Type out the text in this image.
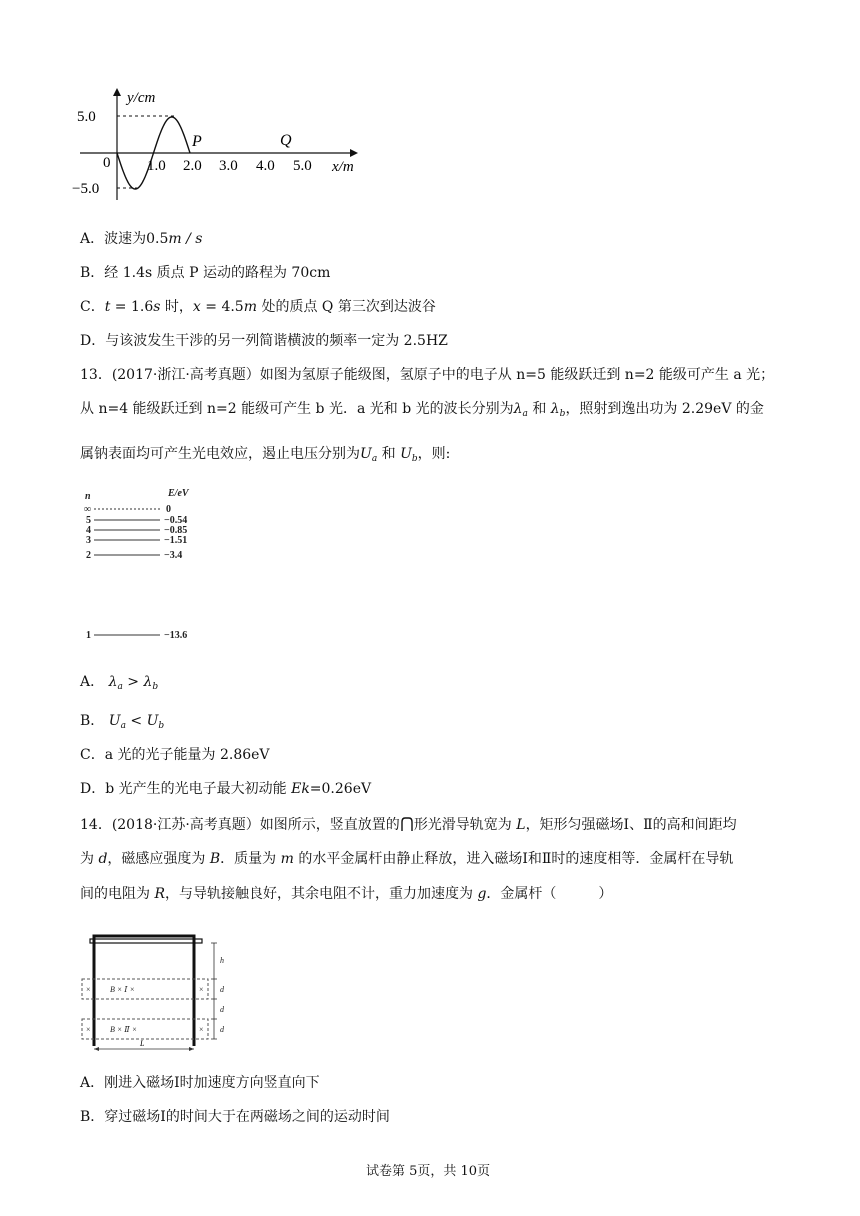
y/cm
5.0
0
−5.0
1.0 2.0 3.0 4.0 5.0 x/m
P	Q
A．波速为0.5m / s
B．经 1.4s 质点 P 运动的路程为 70cm
C．t = 1.6s 时，x = 4.5m 处的质点 Q 第三次到达波谷
D．与该波发生干涉的另一列简谐横波的频率一定为 2.5HZ
13．(2017·浙江·高考真题）如图为氢原子能级图，氢原子中的电子从 n=5 能级跃迁到 n=2 能级可产生 a 光；
从 n=4 能级跃迁到 n=2 能级可产生 b 光．a 光和 b 光的波长分别为$\lambda_a$ 和 $\lambda_b$，照射到逸出功为 2.29eV 的金
属钠表面均可产生光电效应，遏止电压分别为$U_a$ 和 $U_b$，则:
n	E/eV
∞	0
5	−0.54
4	−0.85
3	−1.51
2	−3.4
1	−13.6
A． $\lambda_a > \lambda_b$
B． $U_a < U_b$
C．a 光的光子能量为 2.86eV
D．b 光产生的光电子最大初动能 Ek=0.26eV
14．(2018·江苏·高考真题）如图所示，竖直放置的 形光滑导轨宽为 L，矩形匀强磁场Ⅰ、Ⅱ的高和间距均
为 d，磁感应强度为 B．质量为 m 的水平金属杆由静止释放，进入磁场Ⅰ和Ⅱ时的速度相等．金属杆在导轨
间的电阻为 R，与导轨接触良好，其余电阻不计，重力加速度为 g．金属杆（　　　）
× B × Ⅰ ×	×
× B × Ⅱ ×	×
h
d
d
d
L
A．刚进入磁场Ⅰ时加速度方向竖直向下
B．穿过磁场Ⅰ的时间大于在两磁场之间的运动时间
试卷第 5页，共 10页
